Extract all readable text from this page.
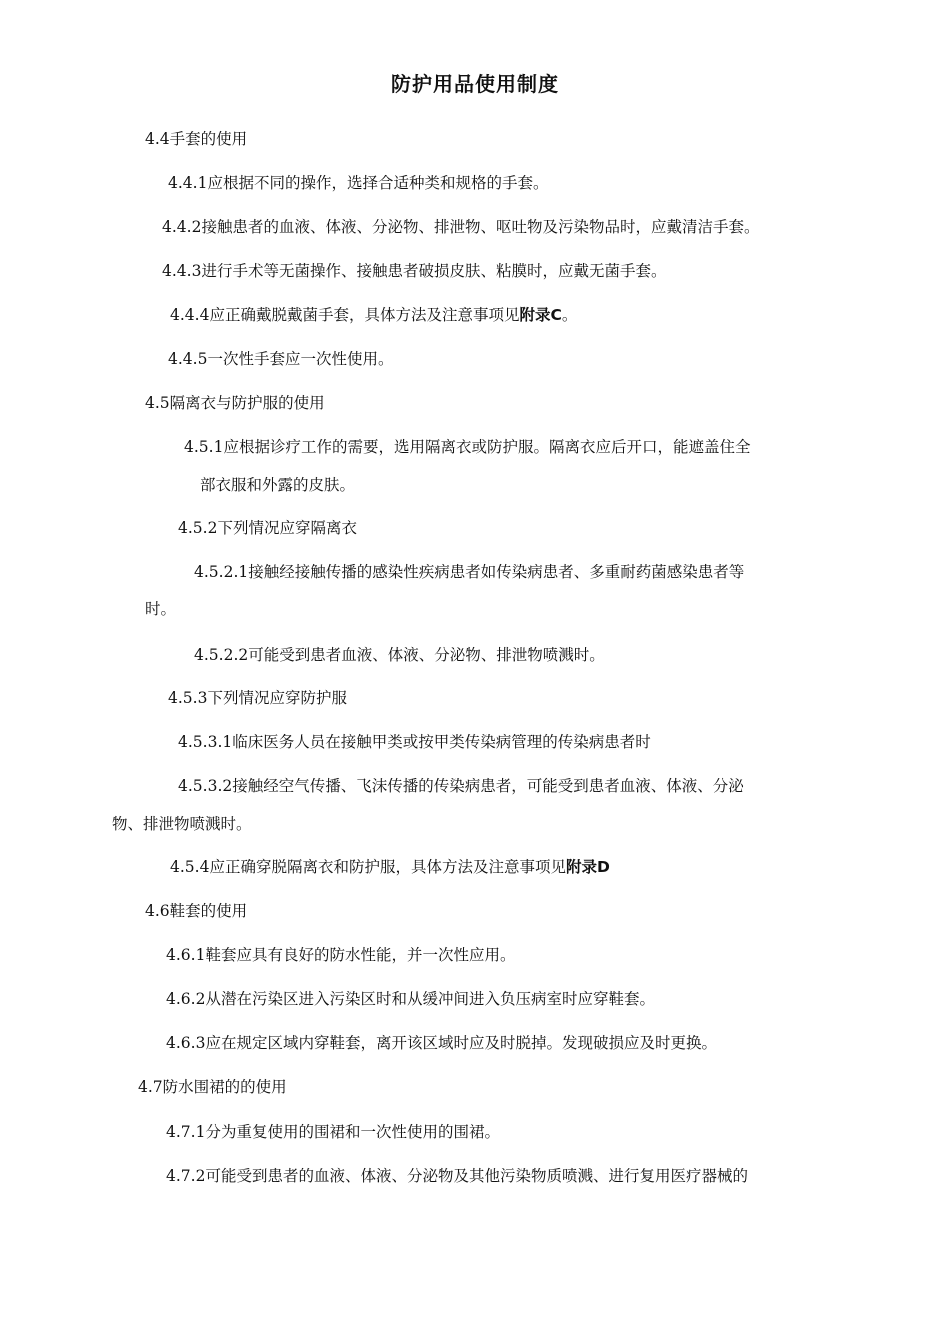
防护用品使用制度
4.4手套的使用
4.4.1应根据不同的操作，选择合适种类和规格的手套。
4.4.2接触患者的血液、体液、分泌物、排泄物、呕吐物及污染物品时，应戴清洁手套。
4.4.3进行手术等无菌操作、接触患者破损皮肤、粘膜时，应戴无菌手套。
4.4.4应正确戴脱戴菌手套，具体方法及注意事项见附录C。
4.4.5一次性手套应一次性使用。
4.5隔离衣与防护服的使用
4.5.1应根据诊疗工作的需要，选用隔离衣或防护服。隔离衣应后开口，能遮盖住全
部衣服和外露的皮肤。
4.5.2下列情况应穿隔离衣
4.5.2.1接触经接触传播的感染性疾病患者如传染病患者、多重耐药菌感染患者等
时。
4.5.2.2可能受到患者血液、体液、分泌物、排泄物喷溅时。
4.5.3下列情况应穿防护服
4.5.3.1临床医务人员在接触甲类或按甲类传染病管理的传染病患者时
4.5.3.2接触经空气传播、飞沫传播的传染病患者，可能受到患者血液、体液、分泌
物、排泄物喷溅时。
4.5.4应正确穿脱隔离衣和防护服，具体方法及注意事项见附录D
4.6鞋套的使用
4.6.1鞋套应具有良好的防水性能，并一次性应用。
4.6.2从潜在污染区进入污染区时和从缓冲间进入负压病室时应穿鞋套。
4.6.3应在规定区域内穿鞋套，离开该区域时应及时脱掉。发现破损应及时更换。
4.7防水围裙的的使用
4.7.1分为重复使用的围裙和一次性使用的围裙。
4.7.2可能受到患者的血液、体液、分泌物及其他污染物质喷溅、进行复用医疗器械的
